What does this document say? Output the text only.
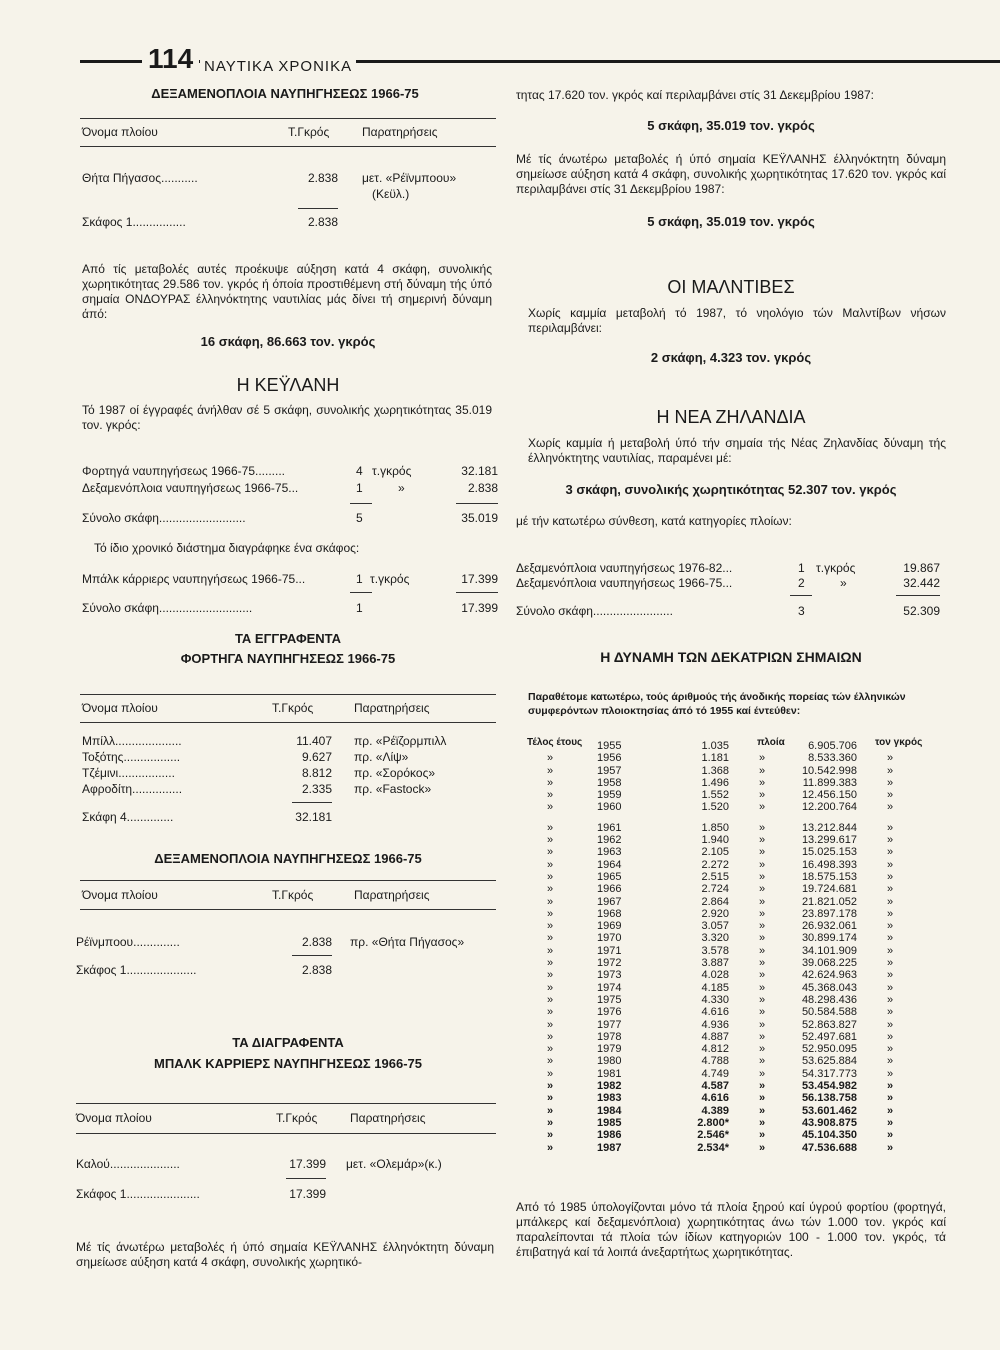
114 ΝΑΥΤΙΚΑ ΧΡΟΝΙΚΑ
ΔΕΞΑΜΕΝΟΠΛΟΙΑ ΝΑΥΠΗΓΗΣΕΩΣ 1966-75
Όνομα πλοίου	Τ.Γκρός	Παρατηρήσεις
Θήτα Πήγασος...........	2.838 μετ. «Ρέϊνμπoου»
(Κεϋλ.)
Σκάφος 1................	2.838
Από τίς μεταβολές αυτές προέκυψε αύξηση κατά 4 σκάφη, συνολικής χωρητικότητας 29.586 τον. γκρός ή όποία προστιθέμενη στή δύναμη τής ύπό σημαία ΟΝΔΟΥΡΑΣ έλληνόκτητης ναυτιλίας μάς δίνει τή σημερινή δύναμη άπό:
16 σκάφη, 86.663 τον. γκρός
Η ΚΕΫΛΑΝΗ
Τό 1987 οί έγγραφές άνήλθαν σέ 5 σκάφη, συνολικής χωρητικότητας 35.019 τον. γκρός:
Φορτηγά ναυπηγήσεως 1966-75.........	4 τ.γκρός	32.181
Δεξαμενόπλοια ναυπηγήσεως 1966-75...	1	»	2.838
Σύνολο σκάφη..........................	5	35.019
Τό ίδιο χρονικό διάστημα διαγράφηκε ένα σκάφος:
Μπάλκ κάρριερς ναυπηγήσεως 1966-75...	1 τ.γκρός	17.399
Σύνολο σκάφη............................	1	17.399
ΤΑ ΕΓΓΡΑΦΕΝΤΑ
ΦΟΡΤΗΓΑ ΝΑΥΠΗΓΗΣΕΩΣ 1966-75
Όνομα πλοίου	Τ.Γκρός	Παρατηρήσεις
Μπίλλ....................	11.407 πρ. «Ρέϊζορμπιλλ
Τοξότης.................	9.627 πρ. «Λίψ»
Τζέμινι.................	8.812 πρ. «Σορόκος»
Αφροδίτη...............	2.335 πρ. «Fastock»
Σκάφη 4..............	32.181
ΔΕΞΑΜΕΝΟΠΛΟΙΑ ΝΑΥΠΗΓΗΣΕΩΣ 1966-75
Όνομα πλοίου	Τ.Γκρός	Παρατηρήσεις
Ρέϊνμπoου..............	2.838 πρ. «Θήτα Πήγασος»
Σκάφος 1.....................	2.838
ΤΑ ΔΙΑΓΡΑΦΕΝΤΑ
ΜΠΑΛΚ ΚΑΡΡΙΕΡΣ ΝΑΥΠΗΓΗΣΕΩΣ 1966-75
Όνομα πλοίου	Τ.Γκρός	Παρατηρήσεις
Καλού.....................	17.399 μετ. «Ολεμάρ»(κ.)
Σκάφος 1......................	17.399
Μέ τίς άνωτέρω μεταβολές ή ύπό σημαία ΚΕΫΛΑΝΗΣ έλληνόκτητη δύναμη σημείωσε αύξηση κατά 4 σκάφη, συνολικής χωρητικό-
τητας 17.620 τον. γκρός καί περιλαμβάνει στίς 31 Δεκεμβρίου 1987:
5 σκάφη, 35.019 τον. γκρός
Μέ τίς άνωτέρω μεταβολές ή ύπό σημαία ΚΕΫΛΑΝΗΣ έλληνόκτητη δύναμη σημείωσε αύξηση κατά 4 σκάφη, συνολικής χωρητικότητας 17.620 τον. γκρός καί περιλαμβάνει στίς 31 Δεκεμβρίου 1987:
5 σκάφη, 35.019 τον. γκρός
ΟΙ ΜΑΛΝΤΙΒΕΣ
Χωρίς καμμία μεταβολή τό 1987, τό νηολόγιο τών Μαλντίβων νήσων περιλαμβάνει:
2 σκάφη, 4.323 τον. γκρός
Η ΝΕΑ ΖΗΛΑΝΔΙΑ
Χωρίς καμμία ή μεταβολή ύπό τήν σημαία τής Νέας Ζηλανδίας δύναμη τής έλληνόκτητης ναυτιλίας, παραμένει μέ:
3 σκάφη, συνολικής χωρητικότητας 52.307 τον. γκρός
μέ τήν κατωτέρω σύνθεση, κατά κατηγορίες πλοίων:
Δεξαμενόπλοια ναυπηγήσεως 1976-82...	1 τ.γκρός	19.867
Δεξαμενόπλοια ναυπηγήσεως 1966-75...	2	»	32.442
Σύνολο σκάφη........................	3	52.309
Η ΔΥΝΑΜΗ ΤΩΝ ΔΕΚΑΤΡΙΩΝ ΣΗΜΑΙΩΝ
Παραθέτομε κατωτέρω, τούς άριθμούς τής άνοδικής πορείας τών έλληνικών συμφερόντων πλοιοκτησίας άπό τό 1955 καί έντεύθεν:
Τέλος έτους	πλοία	τον γκρός
1955	1.035	6.905.706
»	1956	1.181	»	8.533.360	»
»	1957	1.368	»	10.542.998	»
»	1958	1.496	»	11.899.383	»
»	1959	1.552	»	12.456.150	»
»	1960	1.520	»	12.200.764	»
»	1961	1.850	»	13.212.844	»
»	1962	1.940	»	13.299.617	»
»	1963	2.105	»	15.025.153	»
»	1964	2.272	»	16.498.393	»
»	1965	2.515	»	18.575.153	»
»	1966	2.724	»	19.724.681	»
»	1967	2.864	»	21.821.052	»
»	1968	2.920	»	23.897.178	»
»	1969	3.057	»	26.932.061	»
»	1970	3.320	»	30.899.174	»
»	1971	3.578	»	34.101.909	»
»	1972	3.887	»	39.068.225	»
»	1973	4.028	»	42.624.963	»
»	1974	4.185	»	45.368.043	»
»	1975	4.330	»	48.298.436	»
»	1976	4.616	»	50.584.588	»
»	1977	4.936	»	52.863.827	»
»	1978	4.887	»	52.497.681	»
»	1979	4.812	»	52.950.095	»
»	1980	4.788	»	53.625.884	»
»	1981	4.749	»	54.317.773	»
»	1982	4.587	»	53.454.982	»
»	1983	4.616	»	56.138.758	»
»	1984	4.389	»	53.601.462	»
»	1985	2.800*	»	43.908.875	»
»	1986	2.546*	»	45.104.350	»
»	1987	2.534*	»	47.536.688	»
Από τό 1985 ύπολογίζονται μόνο τά πλοία ξηρού καί ύγρού φορτίου (φορτηγά, μπάλκερς καί δεξαμενόπλοια) χωρητικότητας άνω τών 1.000 τον. γκρός καί παραλείπονται τά πλοία τών ίδίων κατηγοριών 100 - 1.000 τον. γκρός, τά έπιβατηγά καί τά λοιπά άνεξαρτήτως χωρητικότητας.
